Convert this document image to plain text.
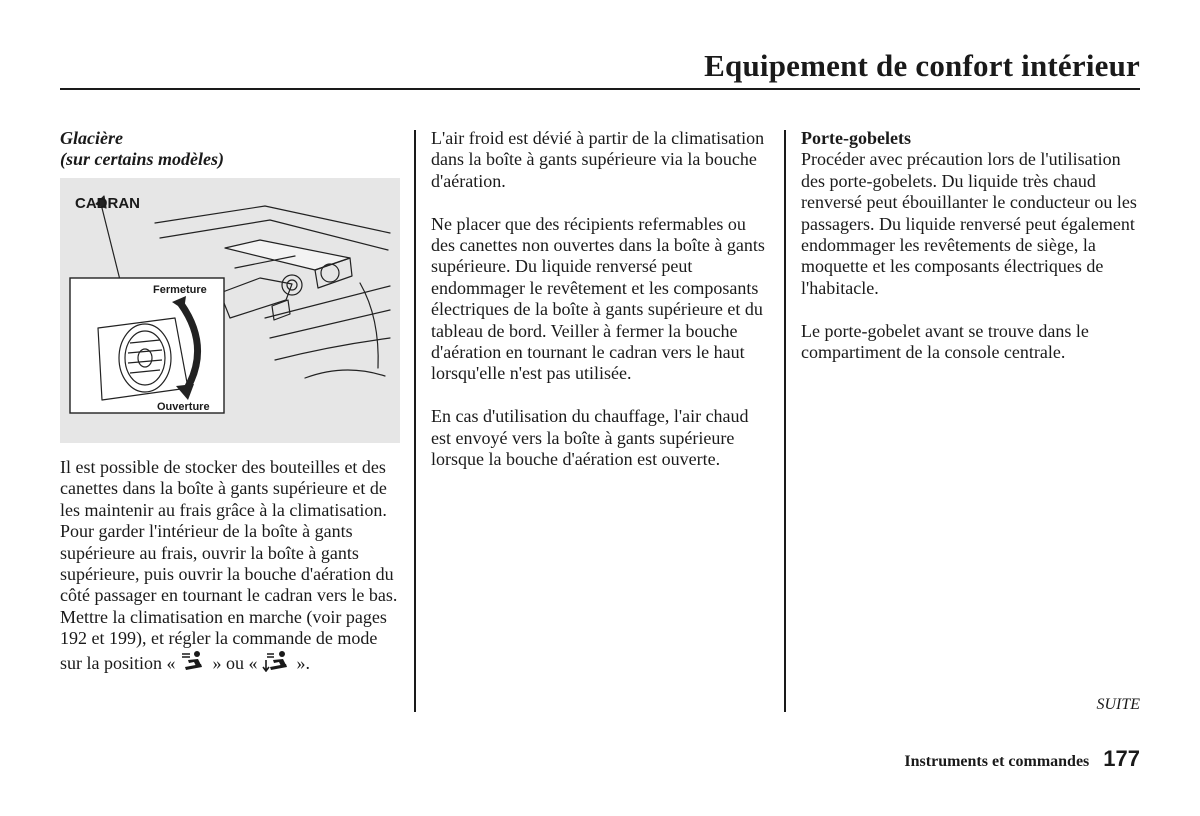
Equipement de confort intérieur
Glacière
(sur certains modèles)
CADRAN
Fermeture
Ouverture

Il est possible de stocker des bouteilles et des canettes dans la boîte à gants supérieure et de les maintenir au frais grâce à la climatisation. Pour garder l'intérieur de la boîte à gants supérieure au frais, ouvrir la boîte à gants supérieure, puis ouvrir la bouche d'aération du côté passager en tournant le cadran vers le bas. Mettre la climatisation en marche (voir pages 192 et 199), et régler la commande de mode sur la position « » ou « ».

L'air froid est dévié à partir de la climatisation dans la boîte à gants supérieure via la bouche d'aération.

Ne placer que des récipients refermables ou des canettes non ouvertes dans la boîte à gants supérieure. Du liquide renversé peut endommager le revêtement et les composants électriques de la boîte à gants supérieure et du tableau de bord. Veiller à fermer la bouche d'aération en tournant le cadran vers le haut lorsqu'elle n'est pas utilisée.

En cas d'utilisation du chauffage, l'air chaud est envoyé vers la boîte à gants supérieure lorsque la bouche d'aération est ouverte.

Porte-gobelets

Procéder avec précaution lors de l'utilisation des porte-gobelets. Du liquide très chaud renversé peut ébouillanter le conducteur ou les passagers. Du liquide renversé peut également endommager les revêtements de siège, la moquette et les composants électriques de l'habitacle.

Le porte-gobelet avant se trouve dans le compartiment de la console centrale.

SUITE
Instruments et commandes 177
